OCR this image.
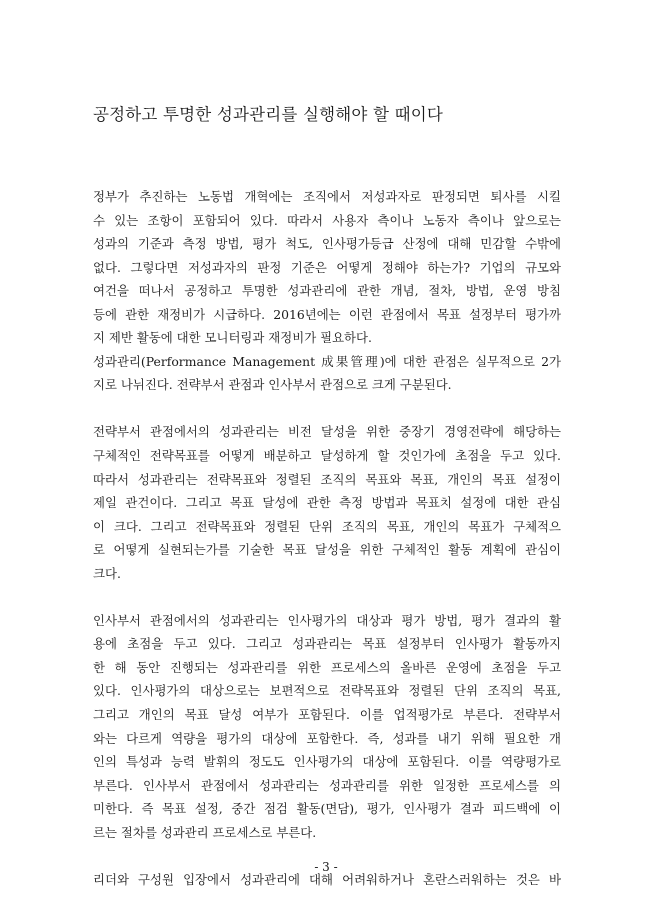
공정하고 투명한 성과관리를 실행해야 할 때이다
정부가 추진하는 노동법 개혁에는 조직에서 저성과자로 판정되면 퇴사를 시킬
수 있는 조항이 포함되어 있다. 따라서 사용자 측이나 노동자 측이나 앞으로는
성과의 기준과 측정 방법, 평가 척도, 인사평가등급 산정에 대해 민감할 수밖에
없다. 그렇다면 저성과자의 판정 기준은 어떻게 정해야 하는가? 기업의 규모와
여건을 떠나서 공정하고 투명한 성과관리에 관한 개념, 절차, 방법, 운영 방침
등에 관한 재정비가 시급하다. 2016년에는 이런 관점에서 목표 설정부터 평가까
지 제반 활동에 대한 모니터링과 재정비가 필요하다.
성과관리(Performance Management 成果管理)에 대한 관점은 실무적으로 2가
지로 나뉘진다. 전략부서 관점과 인사부서 관점으로 크게 구분된다.
전략부서 관점에서의 성과관리는 비전 달성을 위한 중장기 경영전략에 해당하는
구체적인 전략목표를 어떻게 배분하고 달성하게 할 것인가에 초점을 두고 있다.
따라서 성과관리는 전략목표와 정렬된 조직의 목표와 목표, 개인의 목표 설정이
제일 관건이다. 그리고 목표 달성에 관한 측정 방법과 목표치 설정에 대한 관심
이 크다. 그리고 전략목표와 정렬된 단위 조직의 목표, 개인의 목표가 구체적으
로 어떻게 실현되는가를 기술한 목표 달성을 위한 구체적인 활동 계획에 관심이
크다.
인사부서 관점에서의 성과관리는 인사평가의 대상과 평가 방법, 평가 결과의 활
용에 초점을 두고 있다. 그리고 성과관리는 목표 설정부터 인사평가 활동까지
한 해 동안 진행되는 성과관리를 위한 프로세스의 올바른 운영에 초점을 두고
있다. 인사평가의 대상으로는 보편적으로 전략목표와 정렬된 단위 조직의 목표,
그리고 개인의 목표 달성 여부가 포함된다. 이를 업적평가로 부른다. 전략부서
와는 다르게 역량을 평가의 대상에 포함한다. 즉, 성과를 내기 위해 필요한 개
인의 특성과 능력 발휘의 정도도 인사평가의 대상에 포함된다. 이를 역량평가로
부른다. 인사부서 관점에서 성과관리는 성과관리를 위한 일정한 프로세스를 의
미한다. 즉 목표 설정, 중간 점검 활동(면담), 평가, 인사평가 결과 피드백에 이
르는 절차를 성과관리 프로세스로 부른다.
리더와 구성원 입장에서 성과관리에 대해 어려워하거나 혼란스러워하는 것은 바
- 3 -
